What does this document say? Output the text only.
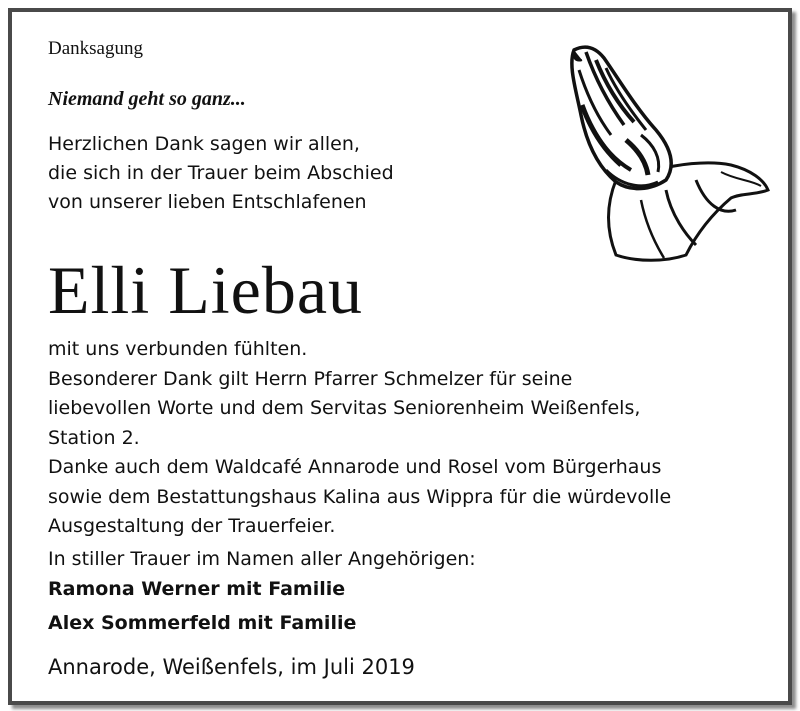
Danksagung

Niemand geht so ganz...

Herzlichen Dank sagen wir allen,
die sich in der Trauer beim Abschied
von unserer lieben Entschlafenen

Elli Liebau

mit uns verbunden fühlten.
Besonderer Dank gilt Herrn Pfarrer Schmelzer für seine
liebevollen Worte und dem Servitas Seniorenheim Weißenfels,
Station 2.
Danke auch dem Waldcafé Annarode und Rosel vom Bürgerhaus
sowie dem Bestattungshaus Kalina aus Wippra für die würdevolle
Ausgestaltung der Trauerfeier.

In stiller Trauer im Namen aller Angehörigen:

Ramona Werner mit Familie

Alex Sommerfeld mit Familie

Annarode, Weißenfels, im Juli 2019
